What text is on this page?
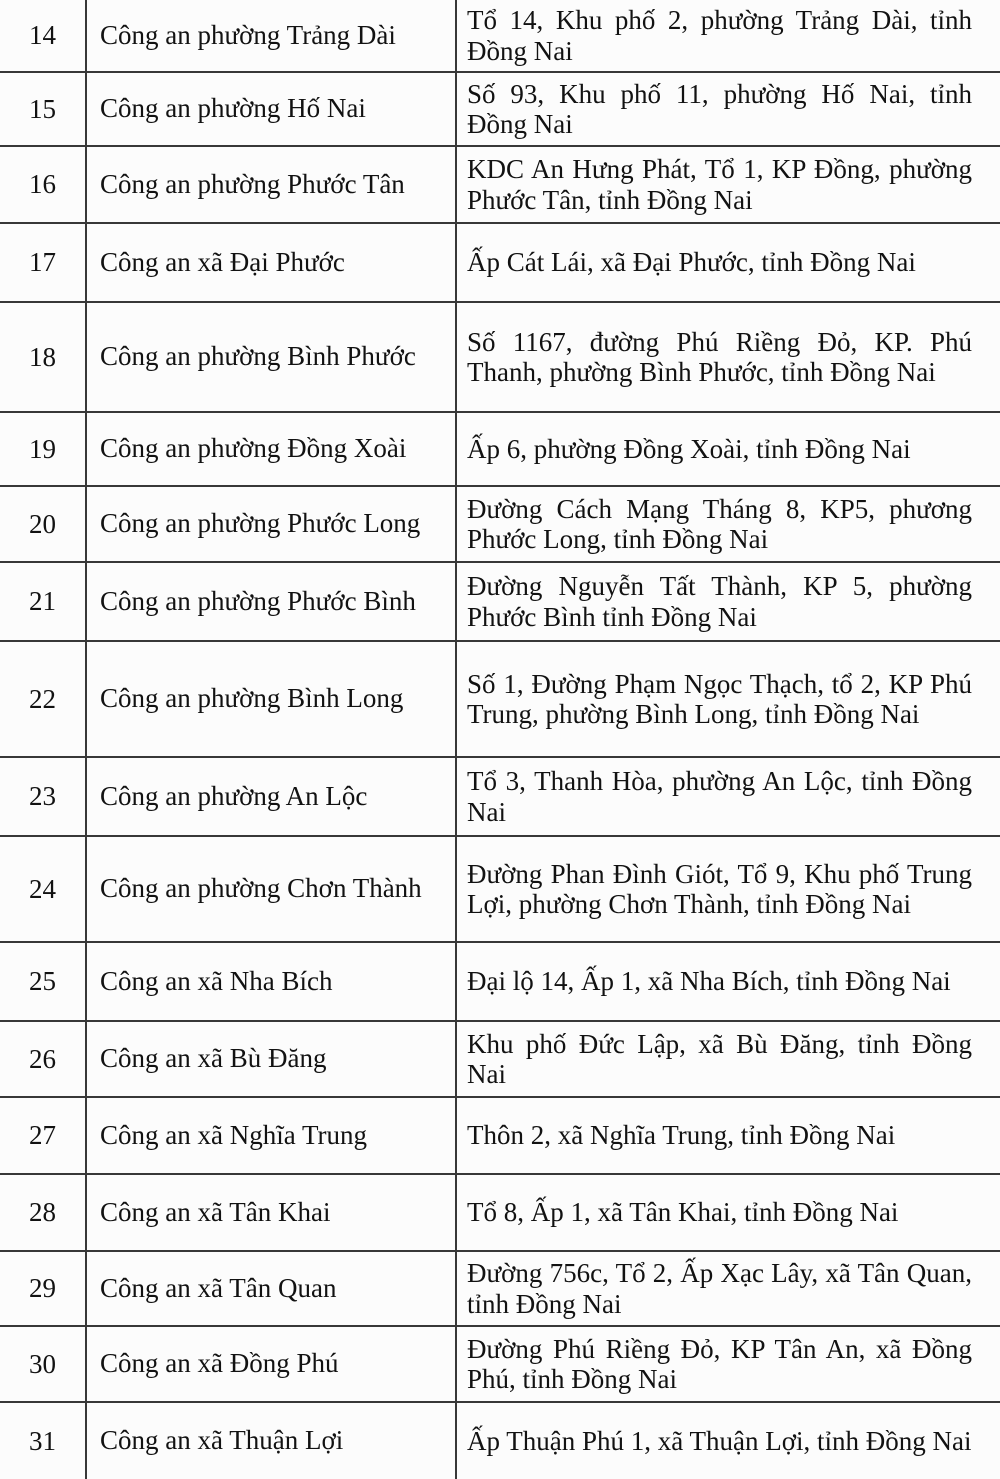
14 Công an phường Trảng Dài	Tổ 14, Khu phố 2, phường Trảng Dài, tỉnh Đồng Nai
15 Công an phường Hố Nai	Số 93, Khu phố 11, phường Hố Nai, tỉnh Đồng Nai
16 Công an phường Phước Tân	KDC An Hưng Phát, Tổ 1, KP Đồng, phường Phước Tân, tỉnh Đồng Nai
17 Công an xã Đại Phước	Ấp Cát Lái, xã Đại Phước, tỉnh Đồng Nai
18 Công an phường Bình Phước	Số 1167, đường Phú Riềng Đỏ, KP. Phú Thanh, phường Bình Phước, tỉnh Đồng Nai
19 Công an phường Đồng Xoài	Ấp 6, phường Đồng Xoài, tỉnh Đồng Nai
20 Công an phường Phước Long	Đường Cách Mạng Tháng 8, KP5, phương Phước Long, tỉnh Đồng Nai
21 Công an phường Phước Bình	Đường Nguyễn Tất Thành, KP 5, phường Phước Bình tỉnh Đồng Nai
22 Công an phường Bình Long	Số 1, Đường Phạm Ngọc Thạch, tổ 2, KP Phú Trung, phường Bình Long, tỉnh Đồng Nai
23 Công an phường An Lộc	Tổ 3, Thanh Hòa, phường An Lộc, tỉnh Đồng Nai
24 Công an phường Chơn Thành	Đường Phan Đình Giót, Tổ 9, Khu phố Trung Lợi, phường Chơn Thành, tỉnh Đồng Nai
25 Công an xã Nha Bích	Đại lộ 14, Ấp 1, xã Nha Bích, tỉnh Đồng Nai
26 Công an xã Bù Đăng	Khu phố Đức Lập, xã Bù Đăng, tỉnh Đồng Nai
27 Công an xã Nghĩa Trung	Thôn 2, xã Nghĩa Trung, tỉnh Đồng Nai
28 Công an xã Tân Khai	Tổ 8, Ấp 1, xã Tân Khai, tỉnh Đồng Nai
29 Công an xã Tân Quan	Đường 756c, Tổ 2, Ấp Xạc Lây, xã Tân Quan, tỉnh Đồng Nai
30 Công an xã Đồng Phú	Đường Phú Riềng Đỏ, KP Tân An, xã Đồng Phú, tỉnh Đồng Nai
31 Công an xã Thuận Lợi	Ấp Thuận Phú 1, xã Thuận Lợi, tỉnh Đồng Nai
